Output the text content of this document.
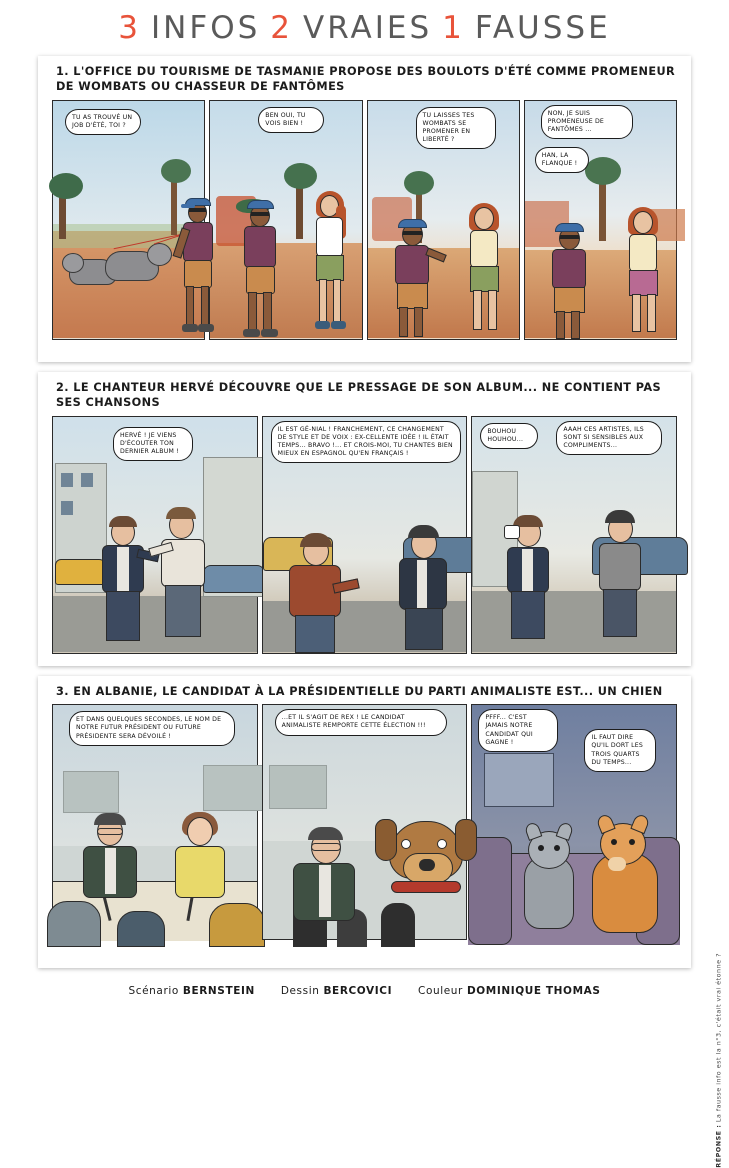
3 INFOS 2 VRAIES 1 FAUSSE
1. L'OFFICE DU TOURISME DE TASMANIE PROPOSE DES BOULOTS D'ÉTÉ COMME PROMENEUR DE WOMBATS OU CHASSEUR DE FANTÔMES
TU AS TROUVÉ UN JOB D'ÉTÉ, TOI ?
BEN OUI, TU VOIS BIEN !
TU LAISSES TES WOMBATS SE PROMENER EN LIBERTÉ ?
NON, JE SUIS PROMENEUSE DE FANTÔMES ...
HAN, LA FLANQUE !
2. LE CHANTEUR HERVÉ DÉCOUVRE QUE LE PRESSAGE DE SON ALBUM... NE CONTIENT PAS SES CHANSONS
HERVÉ ! JE VIENS D'ÉCOUTER TON DERNIER ALBUM !
IL EST GÉ-NIAL ! FRANCHEMENT, CE CHANGEMENT DE STYLE ET DE VOIX : EX-CELLENTE IDÉE ! IL ÉTAIT TEMPS... BRAVO !... ET CROIS-MOI, TU CHANTES BIEN MIEUX EN ESPAGNOL QU'EN FRANÇAIS !
BOUHOU HOUHOU...
AAAH CES ARTISTES, ILS SONT SI SENSIBLES AUX COMPLIMENTS...
3. EN ALBANIE, LE CANDIDAT À LA PRÉSIDENTIELLE DU PARTI ANIMALISTE EST... UN CHIEN
ET DANS QUELQUES SECONDES, LE NOM DE NOTRE FUTUR PRÉSIDENT OU FUTURE PRÉSIDENTE SERA DÉVOILÉ !
...ET IL S'AGIT DE REX ! LE CANDIDAT ANIMALISTE REMPORTE CETTE ÉLECTION !!!
PFFF... C'EST JAMAIS NOTRE CANDIDAT QUI GAGNE !
IL FAUT DIRE QU'IL DORT LES TROIS QUARTS DU TEMPS...
Scénario BERNSTEIN Dessin BERCOVICI Couleur DOMINIQUE THOMAS
RÉPONSE : La fausse info est la n°3, c'était vrai étonne ?
